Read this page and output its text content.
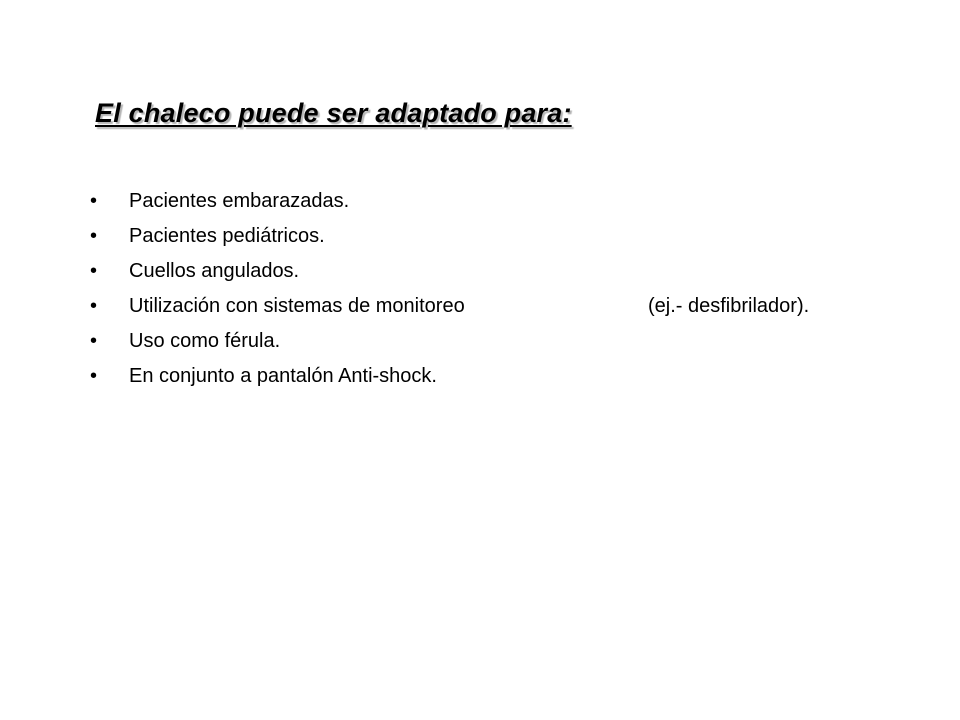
El chaleco puede ser adaptado para:
• Pacientes embarazadas.
• Pacientes pediátricos.
• Cuellos angulados.
• Utilización con sistemas de monitoreo	(ej.- desfibrilador).
• Uso como férula.
• En conjunto a pantalón Anti-shock.
